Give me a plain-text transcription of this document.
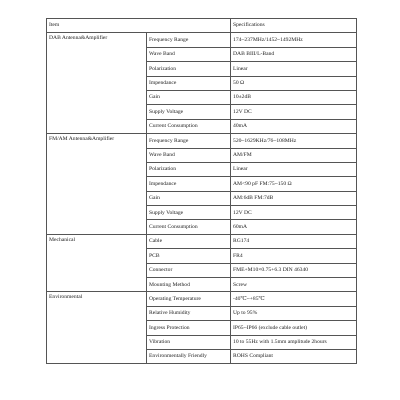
Item		Specifications
DAB Antenna&Amplifier	Frequency Range	174~237MHz/1452~1492MHz
	Wave Band	DAB BIII/L-Band
	Polarization	Linear
	Impendance	50 Ω
	Gain	10±2dB
	Supply Voltage	12V DC
	Current Consumption	40mA
FM/AM Antenna&Amplifier	Frequency Range	520~1629KHz/76~108MHz
	Wave Band	AM/FM
	Polarization	Linear
	Impendance	AM<90 pF FM:75~150 Ω
	Gain	AM:6dB FM:7dB
	Supply Voltage	12V DC
	Current Consumption	60mA
Mechanical	Cable	RG174
	PCB	FR4
	Connector	FME+M10×0.75+6.3 DIN 46340
	Mounting Method	Screw
Environmental	Operating Temperature	-40℃~+85℃
	Relative Humidity	Up to 95%
	Ingress Protection	IP65~IP66 (exclude cable outlet)
	Vibration	10 to 55Hz with 1.5mm amplitude 2hours
	Environmentally Friendly	ROHS Compliant
